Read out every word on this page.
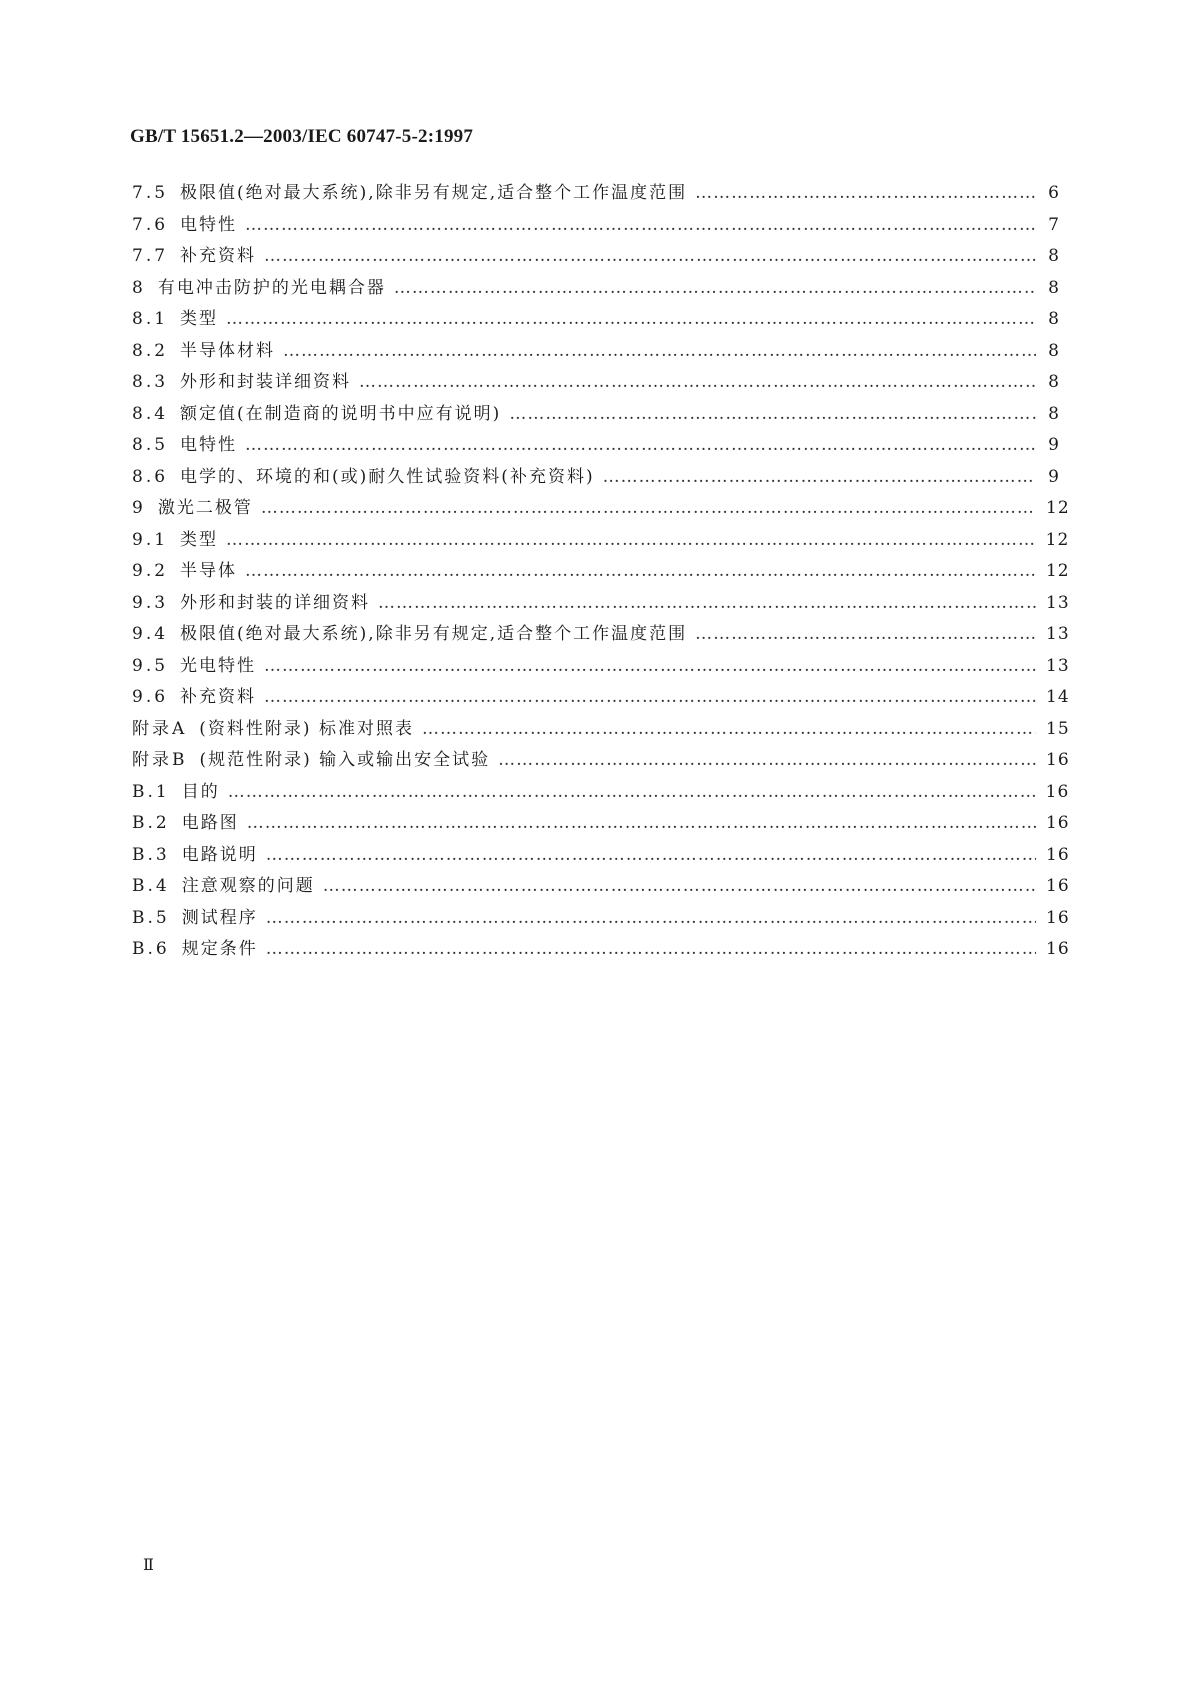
GB/T 15651.2—2003/IEC 60747-5-2:1997
7.5 极限值(绝对最大系统),除非另有规定,适合整个工作温度范围 ……………………………………………………………………………………………………………………………………………………………………………………………………	6
7.6 电特性 ……………………………………………………………………………………………………………………………………………………………………………………………………	7
7.7 补充资料 ……………………………………………………………………………………………………………………………………………………………………………………………………	8
8 有电冲击防护的光电耦合器 ……………………………………………………………………………………………………………………………………………………………………………………………………	8
8.1 类型 ……………………………………………………………………………………………………………………………………………………………………………………………………	8
8.2 半导体材料 ……………………………………………………………………………………………………………………………………………………………………………………………………	8
8.3 外形和封装详细资料 ……………………………………………………………………………………………………………………………………………………………………………………………………	8
8.4 额定值(在制造商的说明书中应有说明) ……………………………………………………………………………………………………………………………………………………………………………………………………	8
8.5 电特性 ……………………………………………………………………………………………………………………………………………………………………………………………………	9
8.6 电学的、环境的和(或)耐久性试验资料(补充资料) ……………………………………………………………………………………………………………………………………………………………………………………………………	9
9 激光二极管 ……………………………………………………………………………………………………………………………………………………………………………………………………	12
9.1 类型 ……………………………………………………………………………………………………………………………………………………………………………………………………	12
9.2 半导体 ……………………………………………………………………………………………………………………………………………………………………………………………………	12
9.3 外形和封装的详细资料 ……………………………………………………………………………………………………………………………………………………………………………………………………	13
9.4 极限值(绝对最大系统),除非另有规定,适合整个工作温度范围 ……………………………………………………………………………………………………………………………………………………………………………………………………	13
9.5 光电特性 ……………………………………………………………………………………………………………………………………………………………………………………………………	13
9.6 补充资料 ……………………………………………………………………………………………………………………………………………………………………………………………………	14
附录A (资料性附录) 标准对照表 ……………………………………………………………………………………………………………………………………………………………………………………………………	15
附录B (规范性附录) 输入或输出安全试验 ……………………………………………………………………………………………………………………………………………………………………………………………………	16
B.1 目的 ……………………………………………………………………………………………………………………………………………………………………………………………………	16
B.2 电路图 ……………………………………………………………………………………………………………………………………………………………………………………………………	16
B.3 电路说明 ……………………………………………………………………………………………………………………………………………………………………………………………………	16
B.4 注意观察的问题 ……………………………………………………………………………………………………………………………………………………………………………………………………	16
B.5 测试程序 ……………………………………………………………………………………………………………………………………………………………………………………………………	16
B.6 规定条件 ……………………………………………………………………………………………………………………………………………………………………………………………………	16
Ⅱ
